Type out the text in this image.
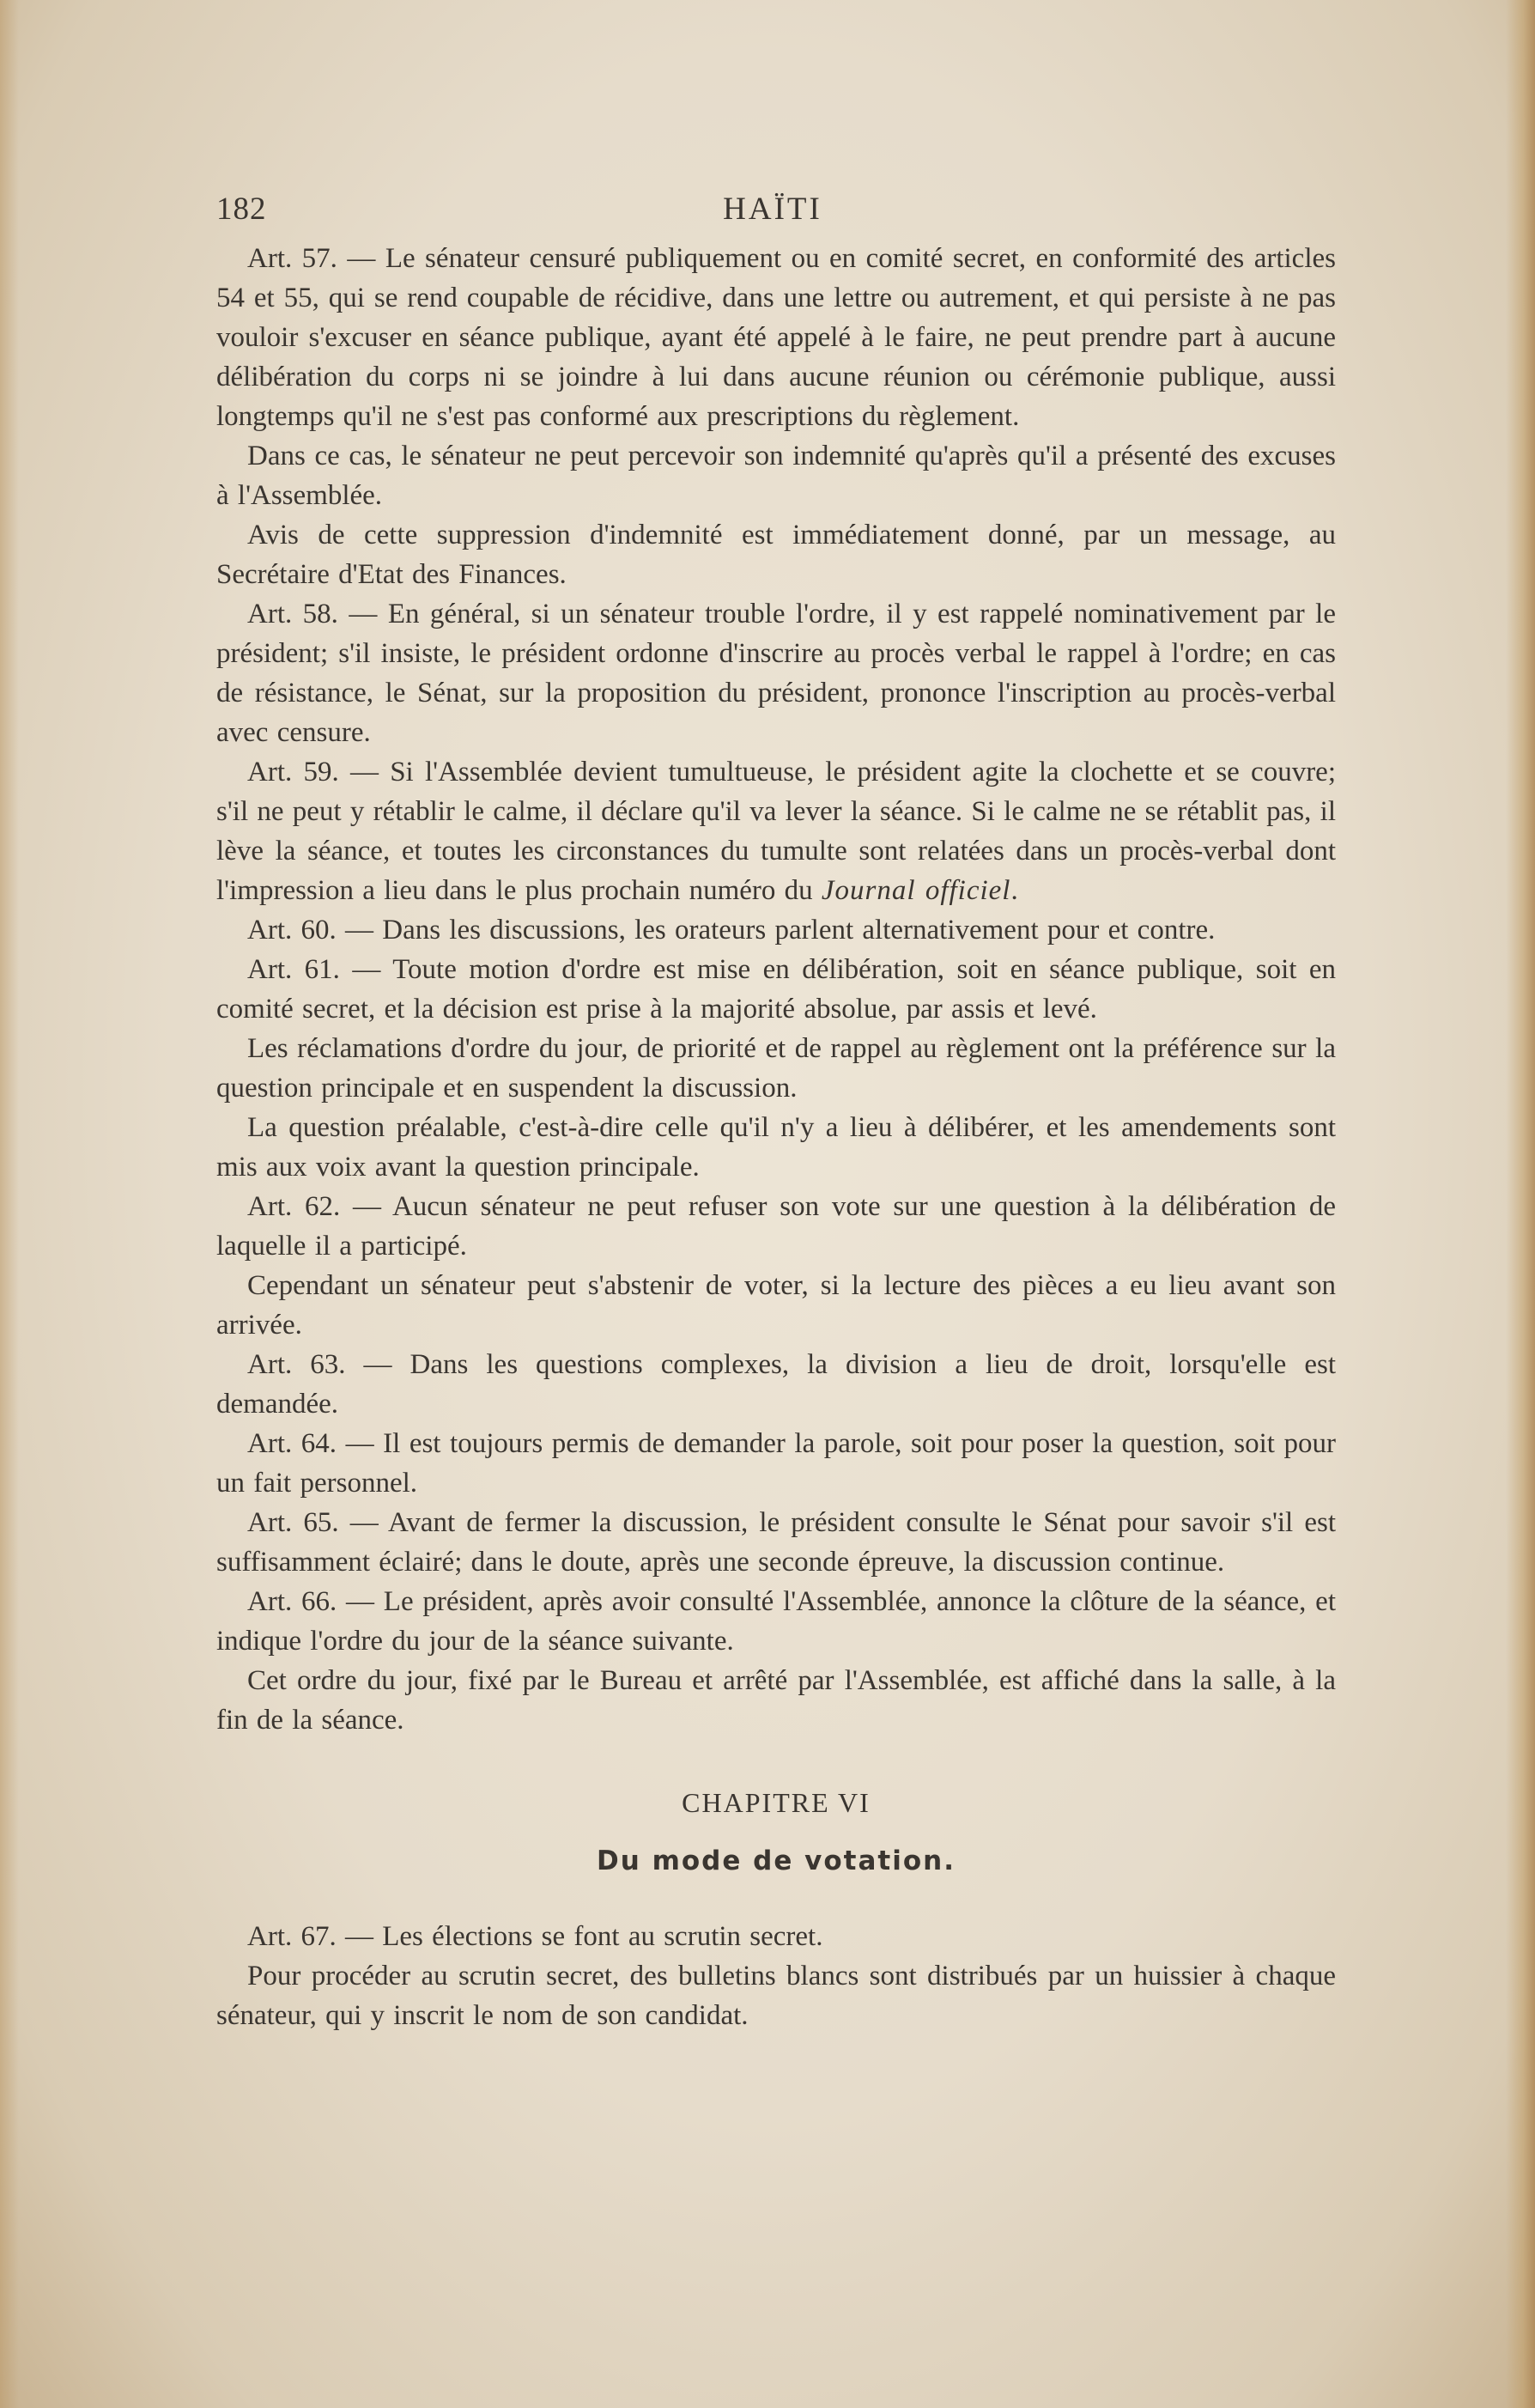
HAÏTI
182

Art. 57. — Le sénateur censuré publiquement ou en comité secret, en conformité des articles 54 et 55, qui se rend coupable de récidive, dans une lettre ou autrement, et qui persiste à ne pas vouloir s'excuser en séance publique, ayant été appelé à le faire, ne peut prendre part à aucune délibération du corps ni se joindre à lui dans aucune réunion ou cérémonie publique, aussi longtemps qu'il ne s'est pas conformé aux prescriptions du règlement.

Dans ce cas, le sénateur ne peut percevoir son indemnité qu'après qu'il a présenté des excuses à l'Assemblée.

Avis de cette suppression d'indemnité est immédiatement donné, par un message, au Secrétaire d'Etat des Finances.

Art. 58. — En général, si un sénateur trouble l'ordre, il y est rappelé nominativement par le président; s'il insiste, le président ordonne d'inscrire au procès verbal le rappel à l'ordre; en cas de résistance, le Sénat, sur la proposition du président, prononce l'inscription au procès-verbal avec censure.

Art. 59. — Si l'Assemblée devient tumultueuse, le président agite la clochette et se couvre; s'il ne peut y rétablir le calme, il déclare qu'il va lever la séance. Si le calme ne se rétablit pas, il lève la séance, et toutes les circonstances du tumulte sont relatées dans un procès-verbal dont l'impression a lieu dans le plus prochain numéro du Journal officiel.

Art. 60. — Dans les discussions, les orateurs parlent alternativement pour et contre.

Art. 61. — Toute motion d'ordre est mise en délibération, soit en séance publique, soit en comité secret, et la décision est prise à la majorité absolue, par assis et levé.

Les réclamations d'ordre du jour, de priorité et de rappel au règlement ont la préférence sur la question principale et en suspendent la discussion.

La question préalable, c'est-à-dire celle qu'il n'y a lieu à délibérer, et les amendements sont mis aux voix avant la question principale.

Art. 62. — Aucun sénateur ne peut refuser son vote sur une question à la délibération de laquelle il a participé.

Cependant un sénateur peut s'abstenir de voter, si la lecture des pièces a eu lieu avant son arrivée.

Art. 63. — Dans les questions complexes, la division a lieu de droit, lorsqu'elle est demandée.

Art. 64. — Il est toujours permis de demander la parole, soit pour poser la question, soit pour un fait personnel.

Art. 65. — Avant de fermer la discussion, le président consulte le Sénat pour savoir s'il est suffisamment éclairé; dans le doute, après une seconde épreuve, la discussion continue.

Art. 66. — Le président, après avoir consulté l'Assemblée, annonce la clôture de la séance, et indique l'ordre du jour de la séance suivante.

Cet ordre du jour, fixé par le Bureau et arrêté par l'Assemblée, est affiché dans la salle, à la fin de la séance.

CHAPITRE VI
Du mode de votation.

Art. 67. — Les élections se font au scrutin secret.

Pour procéder au scrutin secret, des bulletins blancs sont distribués par un huissier à chaque sénateur, qui y inscrit le nom de son candidat.
